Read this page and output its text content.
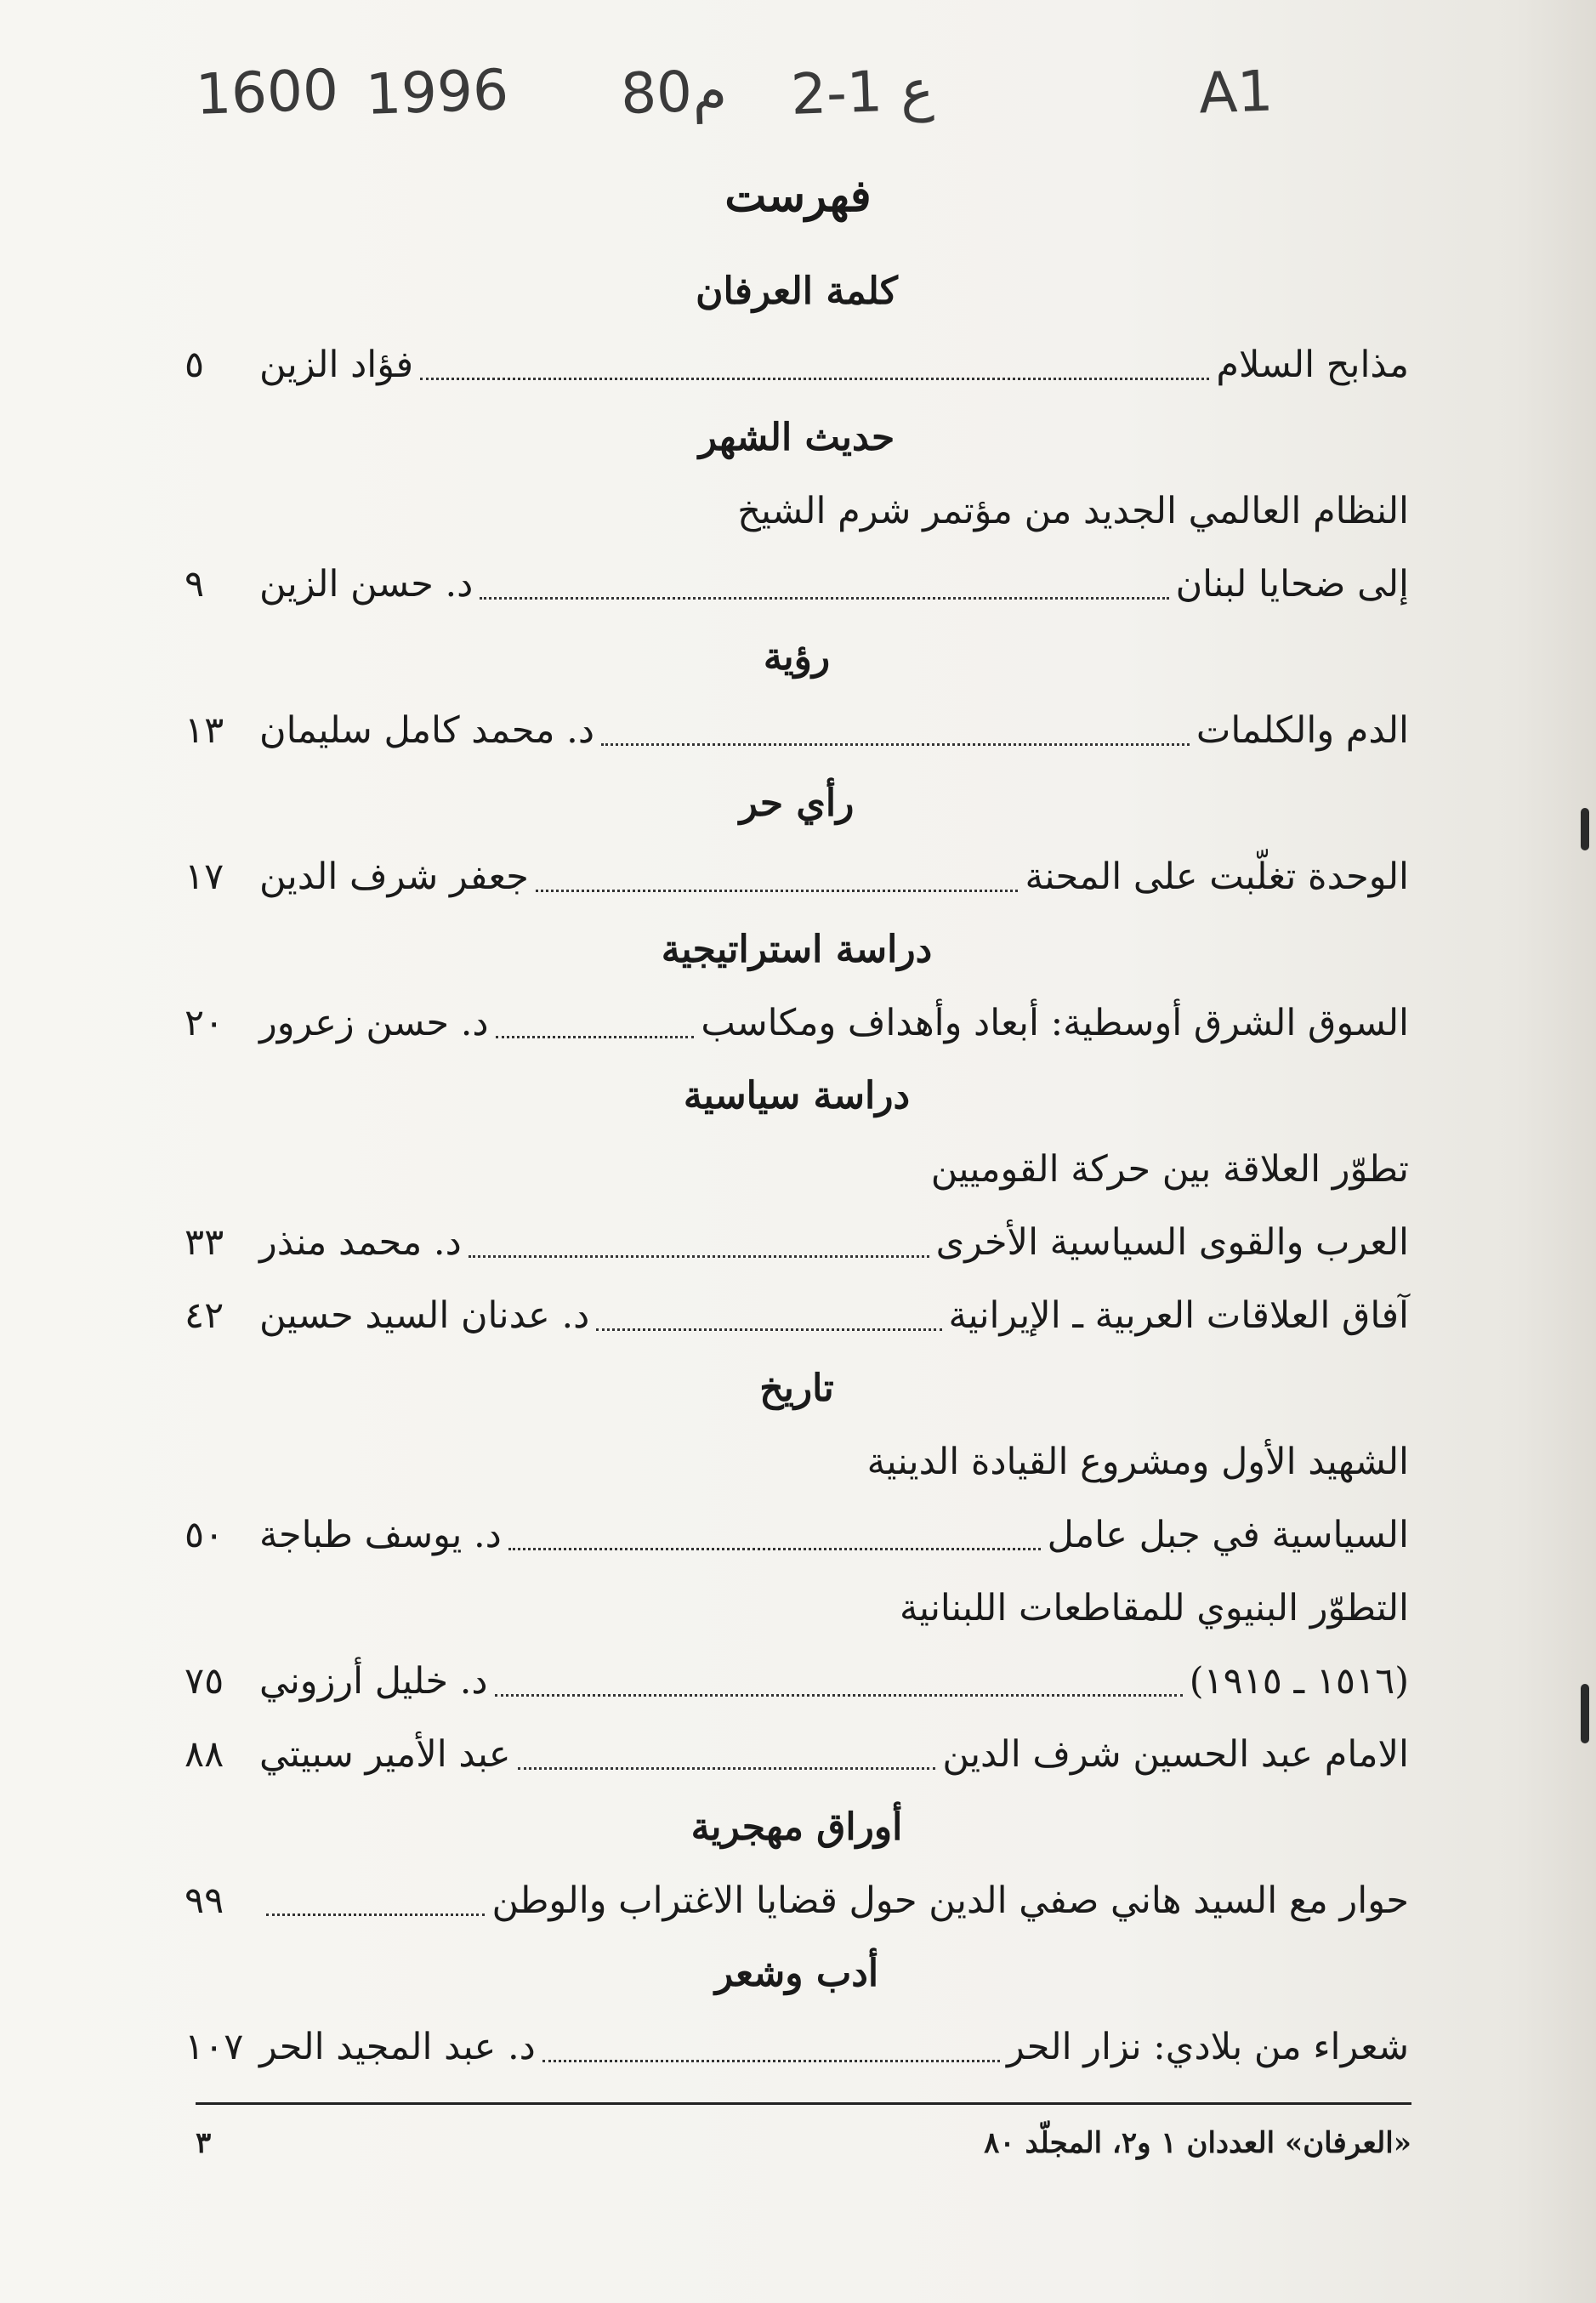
A1
2-1 ع
80م
1996
1600
فهرست
كلمة العرفان
مذابح السلام
فؤاد الزين
٥
حديث الشهر
النظام العالمي الجديد من مؤتمر شرم الشيخ
إلى ضحايا لبنان
د. حسن الزين
٩
رؤية
الدم والكلمات
د. محمد كامل سليمان
١٣
رأي حر
الوحدة تغلّبت على المحنة
جعفر شرف الدين
١٧
دراسة استراتيجية
السوق الشرق أوسطية: أبعاد وأهداف ومكاسب
د. حسن زعرور
٢٠
دراسة سياسية
تطوّر العلاقة بين حركة القوميين
العرب والقوى السياسية الأخرى
د. محمد منذر
٣٣
آفاق العلاقات العربية ـ الإيرانية
د. عدنان السيد حسين
٤٢
تاريخ
الشهيد الأول ومشروع القيادة الدينية
السياسية في جبل عامل
د. يوسف طباجة
٥٠
التطوّر البنيوي للمقاطعات اللبنانية
(١٥١٦ ـ ١٩١٥)
د. خليل أرزوني
٧٥
الامام عبد الحسين شرف الدين
عبد الأمير سبيتي
٨٨
أوراق مهجرية
حوار مع السيد هاني صفي الدين حول قضايا الاغتراب والوطن
٩٩
أدب وشعر
شعراء من بلادي: نزار الحر
د. عبد المجيد الحر
١٠٧
«العرفان» العددان ١ و٢، المجلّد ٨٠
٣
